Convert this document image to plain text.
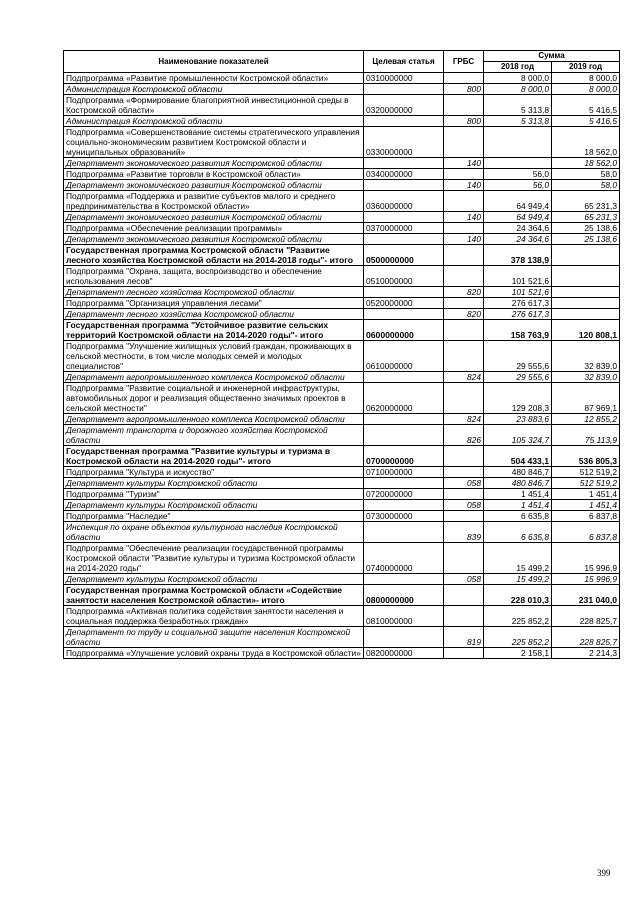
Наименование показателей	Целевая статья	ГРБС	Сумма	
			2018 год	2019 год
Подпрограмма «Развитие промышленности Костромской области»	0310000000		8 000,0	8 000,0
Администрация Костромской области		800	8 000,0	8 000,0
Подпрограмма «Формирование благоприятной инвестиционной среды в Костромской области»	0320000000		5 313,8	5 416,5
Администрация Костромской области		800	5 313,8	5 416,5
Подпрограмма «Совершенствование системы стратегического управления социально-экономическим развитием Костромской области и муниципальных образований»	0330000000			18 562,0
Департамент экономического развития Костромской области		140		18 562,0
Подпрограмма «Развитие торговли в Костромской области»	0340000000		56,0	58,0
Департамент экономического развития Костромской области		140	56,0	58,0
Подпрограмма «Поддержка и развитие субъектов малого и среднего предпринимательства в Костромской области»	0360000000		64 949,4	65 231,3
Департамент экономического развития Костромской области		140	64 949,4	65 231,3
Подпрограмма «Обеспечение реализации программы»	0370000000		24 364,6	25 138,6
Департамент экономического развития Костромской области		140	24 364,6	25 138,6
Государственная программа Костромской области "Развитие лесного хозяйства Костромской области на 2014-2018 годы"- итого	0500000000		378 138,9	
Подпрограмма "Охрана, защита, воспроизводство и обеспечение использования лесов"	0510000000		101 521,6	
Департамент лесного хозяйства Костромской области		820	101 521,6	
Подпрограмма "Организация управления лесами"	0520000000		276 617,3	
Департамент лесного хозяйства Костромской области		820	276 617,3	
Государственная программа "Устойчивое развитие сельских территорий Костромской области на 2014-2020 годы"- итого	0600000000		158 763,9	120 808,1
Подпрограмма "Улучшение жилищных условий граждан, проживающих в сельской местности, в том числе молодых семей и молодых специалистов"	0610000000		29 555,6	32 839,0
Департамент агропромышленного комплекса Костромской области		824	29 555,6	32 839,0
Подпрограмма "Развитие социальной и инженерной инфраструктуры, автомобильных дорог и реализация общественно значимых проектов в сельской местности"	0620000000		129 208,3	87 969,1
Департамент агропромышленного комплекса Костромской области		824	23 883,6	12 855,2
Департамент транспорта и дорожного хозяйства Костромской области		826	105 324,7	75 113,9
Государственная программа "Развитие культуры и туризма в Костромской области на 2014-2020 годы"- итого	0700000000		504 433,1	536 805,3
Подпрограмма "Культура и искусство"	0710000000		480 846,7	512 519,2
Департамент культуры Костромской области		058	480 846,7	512 519,2
Подпрограмма "Туризм"	0720000000		1 451,4	1 451,4
Департамент культуры Костромской области		058	1 451,4	1 451,4
Подпрограмма "Наследие"	0730000000		6 635,8	6 837,8
Инспекция по охране объектов культурного наследия Костромской области		839	6 635,8	6 837,8
Подпрограмма "Обеспечение реализации государственной программы Костромской области "Развитие культуры и туризма Костромской области на 2014-2020 годы"	0740000000		15 499,2	15 996,9
Департамент культуры Костромской области		058	15 499,2	15 996,9
Государственная программа Костромской области «Содействие занятости населения Костромской области»- итого	0800000000		228 010,3	231 040,0
Подпрограмма «Активная политика содействия занятости населения и социальная поддержка безработных граждан»	0810000000		225 852,2	228 825,7
Департамент по труду и социальной защите населения Костромской области		819	225 852,2	228 825,7
Подпрограмма «Улучшение условий охраны труда в Костромской области»	0820000000		2 158,1	2 214,3
399
